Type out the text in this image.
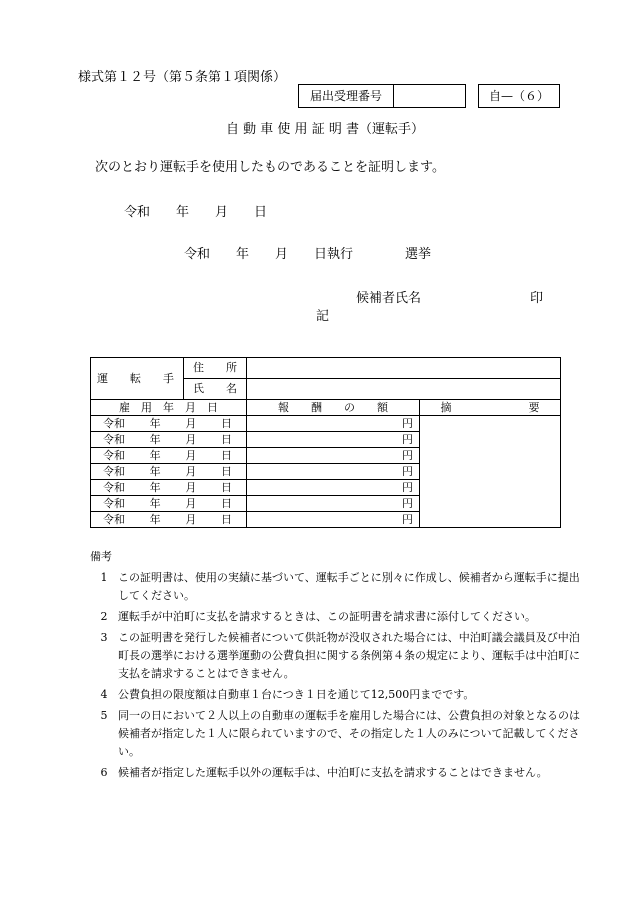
様式第１２号（第５条第１項関係）
届出受理番号	自—（６）
自 動 車 使 用 証 明 書（運転手）
次のとおり運転手を使用したものであることを証明します。
令和　　年　　月　　日
令和　　年　　月　　日執行　　　　選挙
候補者氏名	印
記
運　　転　　手	住　　所		
	氏　　名		
雇　用　年　月　日		報　　酬　　の　　額	摘　　　　　　　要

令和 年 月 日		円	

令和 年 月 日		円	

令和 年 月 日		円	

令和 年 月 日		円	

令和 年 月 日		円	

令和 年 月 日		円	

令和 年 月 日		円	
備考
1 この証明書は、使用の実績に基づいて、運転手ごとに別々に作成し、候補者から運転手に提出してください。
2 運転手が中泊町に支払を請求するときは、この証明書を請求書に添付してください。
3 この証明書を発行した候補者について供託物が没収された場合には、中泊町議会議員及び中泊町長の選挙における選挙運動の公費負担に関する条例第４条の規定により、運転手は中泊町に支払を請求することはできません。
4 公費負担の限度額は自動車１台につき１日を通じて12,500円までです。
5 同一の日において２人以上の自動車の運転手を雇用した場合には、公費負担の対象となるのは候補者が指定した１人に限られていますので、その指定した１人のみについて記載してください。
6 候補者が指定した運転手以外の運転手は、中泊町に支払を請求することはできません。
